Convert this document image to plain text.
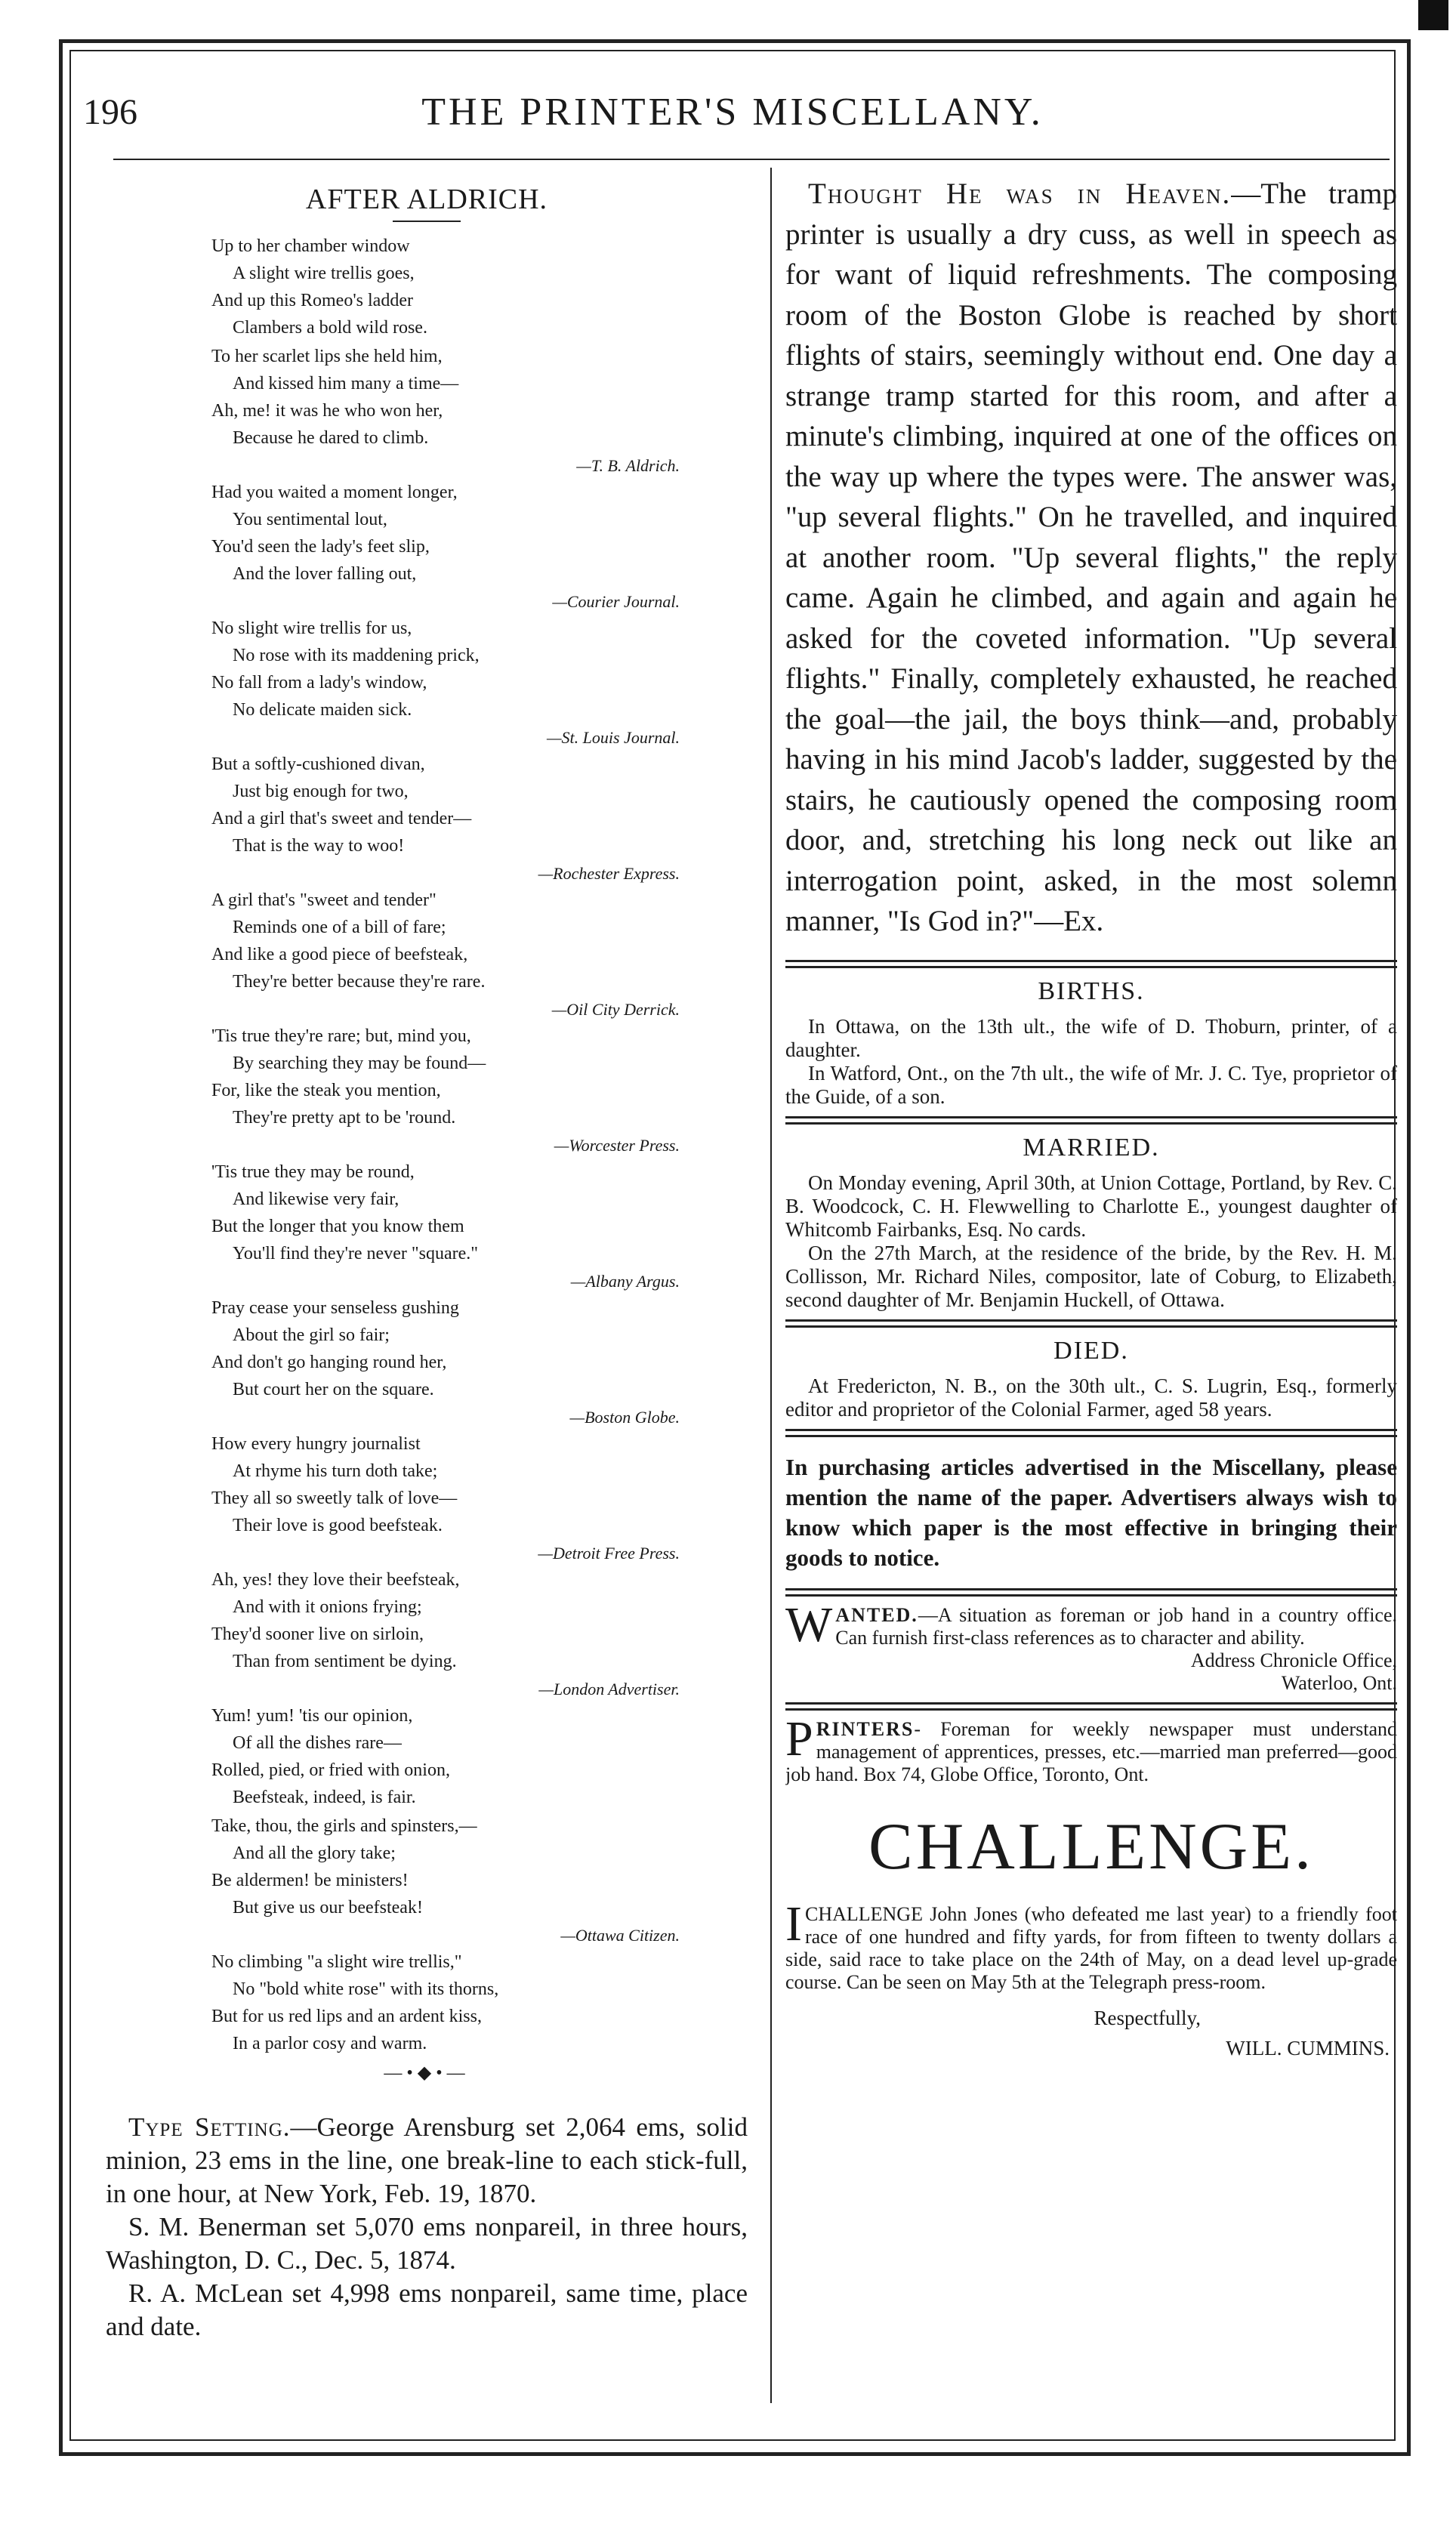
196	THE PRINTER'S MISCELLANY.
AFTER ALDRICH.
Up to her chamber window
A slight wire trellis goes,
And up this Romeo's ladder
Clambers a bold wild rose.
To her scarlet lips she held him,
And kissed him many a time—
Ah, me! it was he who won her,
Because he dared to climb.
—T. B. Aldrich.
Had you waited a moment longer,
You sentimental lout,
You'd seen the lady's feet slip,
And the lover falling out,
—Courier Journal.
No slight wire trellis for us,
No rose with its maddening prick,
No fall from a lady's window,
No delicate maiden sick.
—St. Louis Journal.
But a softly-cushioned divan,
Just big enough for two,
And a girl that's sweet and tender—
That is the way to woo!
—Rochester Express.
A girl that's "sweet and tender"
Reminds one of a bill of fare;
And like a good piece of beefsteak,
They're better because they're rare.
—Oil City Derrick.
'Tis true they're rare; but, mind you,
By searching they may be found—
For, like the steak you mention,
They're pretty apt to be 'round.
—Worcester Press.
'Tis true they may be round,
And likewise very fair,
But the longer that you know them
You'll find they're never "square."
—Albany Argus.
Pray cease your senseless gushing
About the girl so fair;
And don't go hanging round her,
But court her on the square.
—Boston Globe.
How every hungry journalist
At rhyme his turn doth take;
They all so sweetly talk of love—
Their love is good beefsteak.
—Detroit Free Press.
Ah, yes! they love their beefsteak,
And with it onions frying;
They'd sooner live on sirloin,
Than from sentiment be dying.
—London Advertiser.
Yum! yum! 'tis our opinion,
Of all the dishes rare—
Rolled, pied, or fried with onion,
Beefsteak, indeed, is fair.
Take, thou, the girls and spinsters,—
And all the glory take;
Be aldermen! be ministers!
But give us our beefsteak!
—Ottawa Citizen.
No climbing "a slight wire trellis,"
No "bold white rose" with its thorns,
But for us red lips and an ardent kiss,
In a parlor cosy and warm.
—•◆•—

Type Setting.—George Arensburg set 2,064 ems, solid minion, 23 ems in the line, one break-line to each stick-full, in one hour, at New York, Feb. 19, 1870.

S. M. Benerman set 5,070 ems nonpareil, in three hours, Washington, D. C., Dec. 5, 1874.

R. A. McLean set 4,998 ems nonpareil, same time, place and date.

Thought He was in Heaven.—The tramp printer is usually a dry cuss, as well in speech as for want of liquid refreshments. The composing room of the Boston Globe is reached by short flights of stairs, seemingly without end. One day a strange tramp started for this room, and after a minute's climbing, inquired at one of the offices on the way up where the types were. The answer was, "up several flights." On he travelled, and inquired at another room. "Up several flights," the reply came. Again he climbed, and again and again he asked for the coveted information. "Up several flights." Finally, completely exhausted, he reached the goal—the jail, the boys think—and, probably having in his mind Jacob's ladder, suggested by the stairs, he cautiously opened the composing room door, and, stretching his long neck out like an interrogation point, asked, in the most solemn manner, "Is God in?"—Ex.

BIRTHS.

In Ottawa, on the 13th ult., the wife of D. Thoburn, printer, of a daughter.

In Watford, Ont., on the 7th ult., the wife of Mr. J. C. Tye, proprietor of the Guide, of a son.

MARRIED.

On Monday evening, April 30th, at Union Cottage, Portland, by Rev. C. B. Woodcock, C. H. Flewwelling to Charlotte E., youngest daughter of Whitcomb Fairbanks, Esq. No cards.

On the 27th March, at the residence of the bride, by the Rev. H. M. Collisson, Mr. Richard Niles, compositor, late of Coburg, to Elizabeth, second daughter of Mr. Benjamin Huckell, of Ottawa.

DIED.

At Fredericton, N. B., on the 30th ult., C. S. Lugrin, Esq., formerly editor and proprietor of the Colonial Farmer, aged 58 years.

In purchasing articles advertised in the Miscellany, please mention the name of the paper. Advertisers always wish to know which paper is the most effective in bringing their goods to notice.

WANTED.—A situation as foreman or job hand in a country office. Can furnish first-class references as to character and ability.

Address Chronicle Office,
Waterloo, Ont.

PRINTERS- Foreman for weekly newspaper must understand management of apprentices, presses, etc.—married man preferred—good job hand. Box 74, Globe Office, Toronto, Ont.

CHALLENGE.

ICHALLENGE John Jones (who defeated me last year) to a friendly foot race of one hundred and fifty yards, for from fifteen to twenty dollars a side, said race to take place on the 24th of May, on a dead level up-grade course. Can be seen on May 5th at the Telegraph press-room.

Respectfully,
WILL. CUMMINS.
